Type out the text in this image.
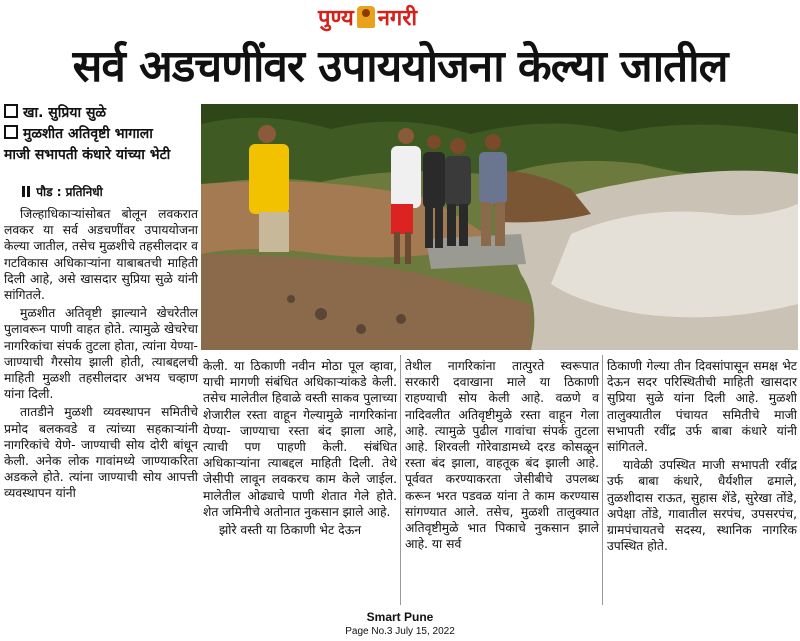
पुण्य नगरी
सर्व अडचणींवर उपाययोजना केल्या जातील
खा. सुप्रिया सुळे
मुळशीत अतिवृष्टी भागाला
माजी सभापती कंधारे यांच्या भेटी
पौड : प्रतिनिधी

जिल्हाधिकाऱ्यांसोबत बोलून लवकरात लवकर या सर्व अडचणींवर उपाययोजना केल्या जातील, तसेच मुळशीचे तहसीलदार व गटविकास अधिकाऱ्यांना याबाबतची माहिती दिली आहे, असे खासदार सुप्रिया सुळे यांनी सांगितले.

मुळशीत अतिवृष्टी झाल्याने खेचरेतील पुलावरून पाणी वाहत होते. त्यामुळे खेचरेचा नागरिकांचा संपर्क तुटला होता, त्यांना येण्या- जाण्याची गैरसोय झाली होती, त्याबद्दलची माहिती मुळशी तहसीलदार अभय चव्हाण यांना दिली.

तातडीने मुळशी व्यवस्थापन समितीचे प्रमोद बलकवडे व त्यांच्या सहकाऱ्यांनी नागरिकांचे येणे- जाण्याची सोय दोरी बांधून केली. अनेक लोक गावांमध्ये जाण्याकरिता अडकले होते. त्यांना जाण्याची सोय आपत्ती व्यवस्थापन यांनी

केली. या ठिकाणी नवीन मोठा पूल व्हावा, याची मागणी संबंधित अधिकाऱ्यांकडे केली. तसेच मालेतील हिवाळे वस्ती साकव पुलाच्या शेजारील रस्ता वाहून गेल्यामुळे नागरिकांना येण्या- जाण्याचा रस्ता बंद झाला आहे, त्याची पण पाहणी केली. संबंधित अधिकाऱ्यांना त्याबद्दल माहिती दिली. तेथे जेसीपी लावून लवकरच काम केले जाईल. मालेतील ओढ्याचे पाणी शेतात गेले होते. शेत जमिनीचे अतोनात नुकसान झाले आहे.

झोरे वस्ती या ठिकाणी भेट देऊन

तेथील नागरिकांना तात्पुरते स्वरूपात सरकारी दवाखाना माले या ठिकाणी राहण्याची सोय केली आहे. वळणे व नादिवलीत अतिवृष्टीमुळे रस्ता वाहून गेला आहे. त्यामुळे पुढील गावांचा संपर्क तुटला आहे. शिरवली गोरेवाडामध्ये दरड कोसळून रस्ता बंद झाला, वाहतूक बंद झाली आहे. पूर्ववत करण्याकरता जेसीबीचे उपलब्ध करून भरत पडवळ यांना ते काम करण्यास सांगण्यात आले. तसेच, मुळशी तालुक्यात अतिवृष्टीमुळे भात पिकाचे नुकसान झाले आहे. या सर्व

ठिकाणी गेल्या तीन दिवसांपासून समक्ष भेट देऊन सदर परिस्थितीची माहिती खासदार सुप्रिया सुळे यांना दिली आहे. मुळशी तालुक्यातील पंचायत समितीचे माजी सभापती रवींद्र उर्फ बाबा कंधारे यांनी सांगितले.

यावेळी उपस्थित माजी सभापती रवींद्र उर्फ बाबा कंधारे, धैर्यशील ढमाले, तुळशीदास राऊत, सुहास शेंडे, सुरेखा तोंडे, अपेक्षा तोंडे, गावातील सरपंच, उपसरपंच, ग्रामपंचायतचे सदस्य, स्थानिक नागरिक उपस्थित होते.

Smart Pune
Page No.3 July 15, 2022
